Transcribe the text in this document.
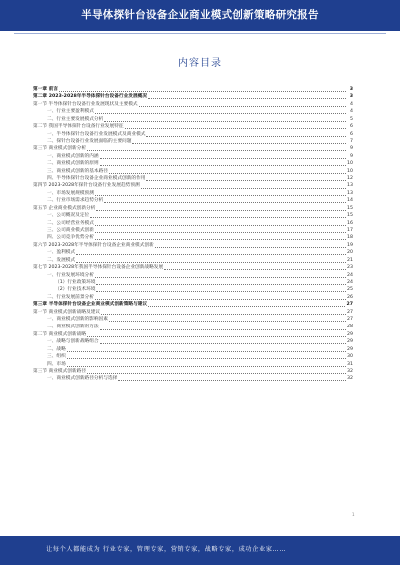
半导体探针台设备企业商业模式创新策略研究报告
内容目录
第一章 前言	3
第二章 2023-2028年半导体探针台设备行业发展概况	3
第一节 半导体探针台设备行业发展现状及主要模式	4
一、行业主要盈利模式	4
二、行业主要发展模式分析	5
第二节 我国半导体探针台设备行业发展特征	6
一、半导体探针台设备行业发展模式及商业模式	6
二、探针台设备行业发展面临的主要问题	7
第三节 商业模式创新分析	9
一、商业模式创新的内涵	9
二、商业模式创新的原则	10
三、商业模式创新的基本路径	10
四、半导体探针台设备企业商业模式创新的作用	12
第四节 2023-2028年探针台设备行业发展趋势预测	13
一、市场发展规模预测	13
二、行业市场需求趋势分析	14
第五节 企业商业模式创新分析	15
一、公司概况及定位	15
二、公司经营业务模式	16
三、公司商业模式创新	17
四、公司竞争优势分析	18
第六节 2023-2028年半导体探针台设备企业商业模式创新	19
一、盈利模式	20
二、发展模式	21
第七节 2023-2028年我国半导体探针台设备企业创新战略发展	23
一、行业发展环境分析	24
（1）行业政策环境	24
（2）行业技术环境	25
二、行业发展前景分析	26
第三章 半导体探针台设备企业商业模式创新策略与建议	27
第一节 商业模式创新战略及建议	27
一、商业模式创新的影响因素	27
二、商业模式创新的方法	28
第二节 商业模式创新战略	29
一、战略与创新战略组合	29
二、战略	29
三、组织	30
四、市场	31
第三节 商业模式创新路径	32
一、商业模式创新路径分析与选择	32
1
让每个人都能成为 行业专家，管理专家，营销专家，战略专家，成功企业家……
